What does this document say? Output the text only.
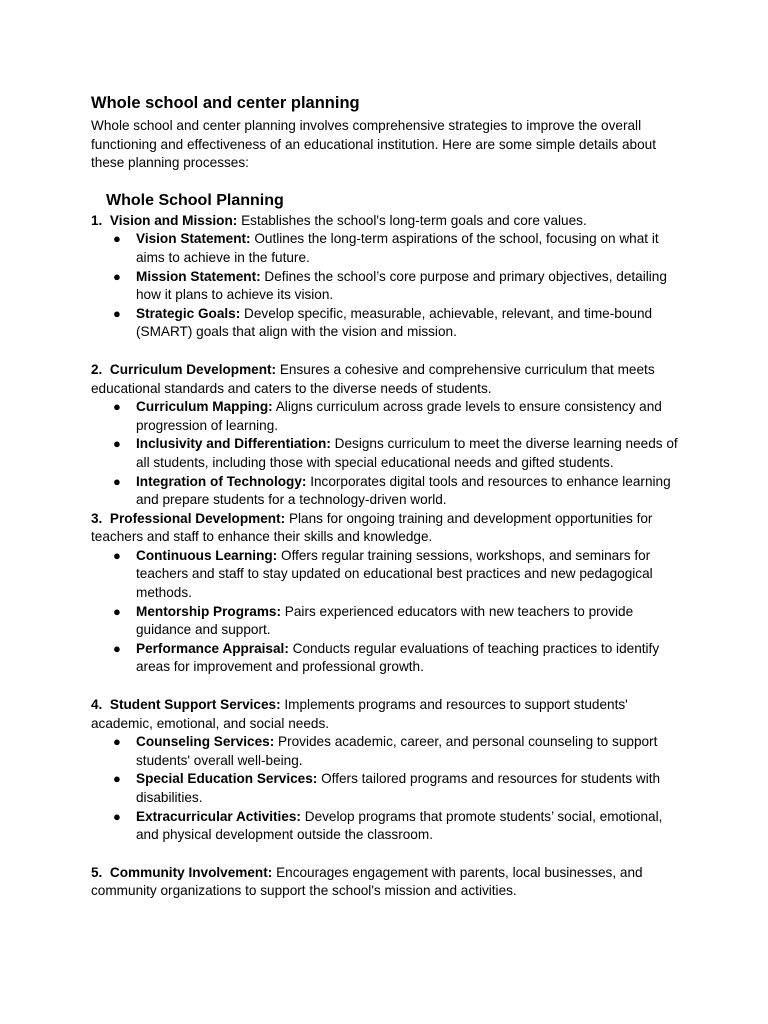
Whole school and center planning

Whole school and center planning involves comprehensive strategies to improve the overall functioning and effectiveness of an educational institution. Here are some simple details about these planning processes:

Whole School Planning

1. Vision and Mission: Establishes the school's long-term goals and core values.

● Vision Statement: Outlines the long-term aspirations of the school, focusing on what it aims to achieve in the future.
● Mission Statement: Defines the school’s core purpose and primary objectives, detailing how it plans to achieve its vision.
● Strategic Goals: Develop specific, measurable, achievable, relevant, and time-bound (SMART) goals that align with the vision and mission.

2. Curriculum Development: Ensures a cohesive and comprehensive curriculum that meets educational standards and caters to the diverse needs of students.

● Curriculum Mapping: Aligns curriculum across grade levels to ensure consistency and progression of learning.
● Inclusivity and Differentiation: Designs curriculum to meet the diverse learning needs of all students, including those with special educational needs and gifted students.
● Integration of Technology: Incorporates digital tools and resources to enhance learning and prepare students for a technology-driven world.

3. Professional Development: Plans for ongoing training and development opportunities for teachers and staff to enhance their skills and knowledge.

● Continuous Learning: Offers regular training sessions, workshops, and seminars for teachers and staff to stay updated on educational best practices and new pedagogical methods.
● Mentorship Programs: Pairs experienced educators with new teachers to provide guidance and support.
● Performance Appraisal: Conducts regular evaluations of teaching practices to identify areas for improvement and professional growth.

4. Student Support Services: Implements programs and resources to support students' academic, emotional, and social needs.

● Counseling Services: Provides academic, career, and personal counseling to support students' overall well-being.
● Special Education Services: Offers tailored programs and resources for students with disabilities.
● Extracurricular Activities: Develop programs that promote students’ social, emotional, and physical development outside the classroom.

5. Community Involvement: Encourages engagement with parents, local businesses, and community organizations to support the school's mission and activities.
